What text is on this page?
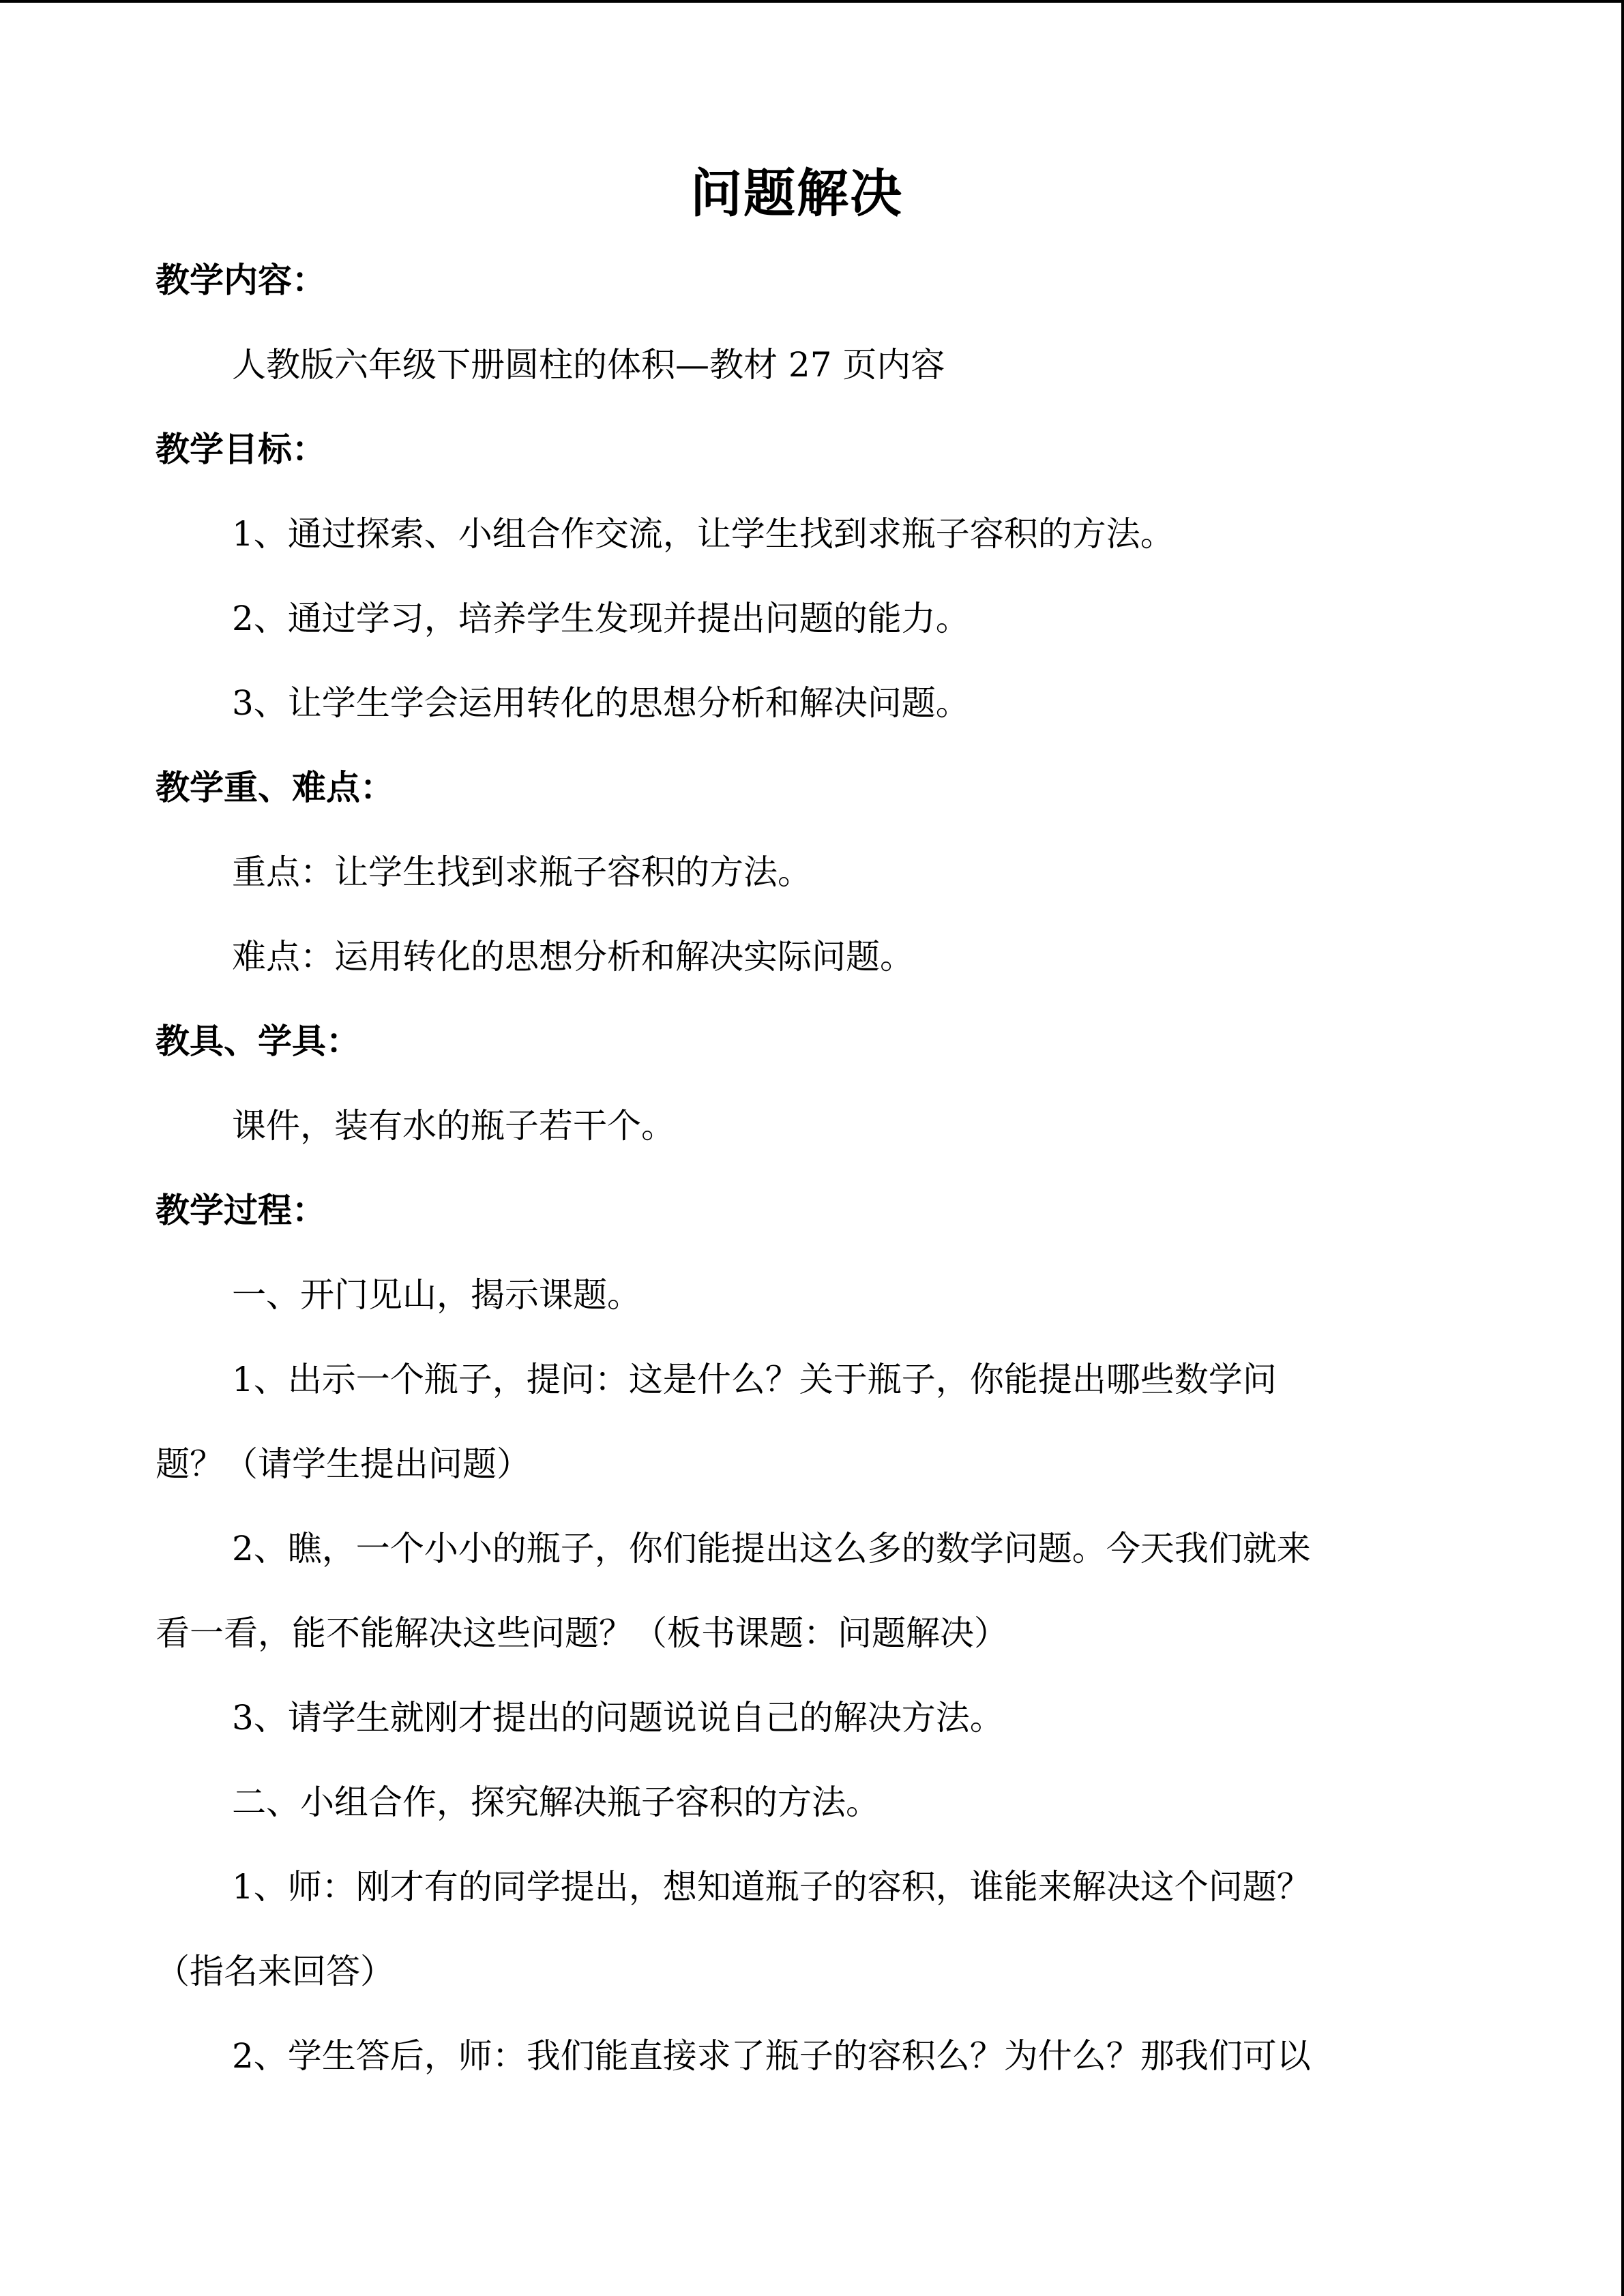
问题解决

教学内容：

人教版六年级下册圆柱的体积—教材 27 页内容

教学目标：

1、通过探索、小组合作交流，让学生找到求瓶子容积的方法。

2、通过学习，培养学生发现并提出问题的能力。

3、让学生学会运用转化的思想分析和解决问题。

教学重、难点：

重点：让学生找到求瓶子容积的方法。

难点：运用转化的思想分析和解决实际问题。

教具、学具：

课件，装有水的瓶子若干个。

教学过程：

一、开门见山，揭示课题。

1、出示一个瓶子，提问：这是什么？关于瓶子，你能提出哪些数学问

题？（请学生提出问题）

2、瞧，一个小小的瓶子，你们能提出这么多的数学问题。今天我们就来

看一看，能不能解决这些问题？（板书课题：问题解决）

3、请学生就刚才提出的问题说说自己的解决方法。

二、小组合作，探究解决瓶子容积的方法。

1、师：刚才有的同学提出，想知道瓶子的容积，谁能来解决这个问题？

（指名来回答）

2、学生答后，师：我们能直接求了瓶子的容积么？为什么？那我们可以
